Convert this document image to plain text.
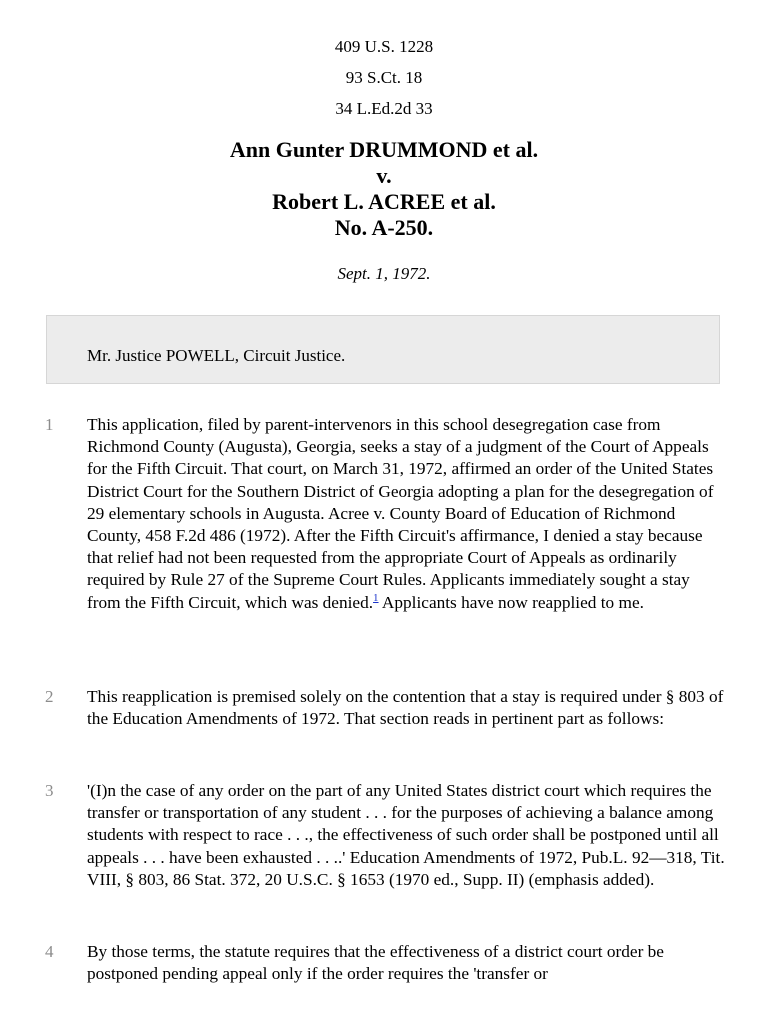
409 U.S. 1228
93 S.Ct. 18
34 L.Ed.2d 33
Ann Gunter DRUMMOND et al.
v.
Robert L. ACREE et al.
No. A-250.
Sept. 1, 1972.
Mr. Justice POWELL, Circuit Justice.
1 This application, filed by parent-intervenors in this school desegregation case from Richmond County (Augusta), Georgia, seeks a stay of a judgment of the Court of Appeals for the Fifth Circuit. That court, on March 31, 1972, affirmed an order of the United States District Court for the Southern District of Georgia adopting a plan for the desegregation of 29 elementary schools in Augusta. Acree v. County Board of Education of Richmond County, 458 F.2d 486 (1972). After the Fifth Circuit's affirmance, I denied a stay because that relief had not been requested from the appropriate Court of Appeals as ordinarily required by Rule 27 of the Supreme Court Rules. Applicants immediately sought a stay from the Fifth Circuit, which was denied.$^1$ Applicants have now reapplied to me.
2 This reapplication is premised solely on the contention that a stay is required under § 803 of the Education Amendments of 1972. That section reads in pertinent part as follows:
3 '(I)n the case of any order on the part of any United States district court which requires the transfer or transportation of any student . . . for the purposes of achieving a balance among students with respect to race . . ., the effectiveness of such order shall be postponed until all appeals . . . have been exhausted . . ..' Education Amendments of 1972, Pub.L. 92—318, Tit. VIII, § 803, 86 Stat. 372, 20 U.S.C. § 1653 (1970 ed., Supp. II) (emphasis added).
4 By those terms, the statute requires that the effectiveness of a district court order be postponed pending appeal only if the order requires the 'transfer or
